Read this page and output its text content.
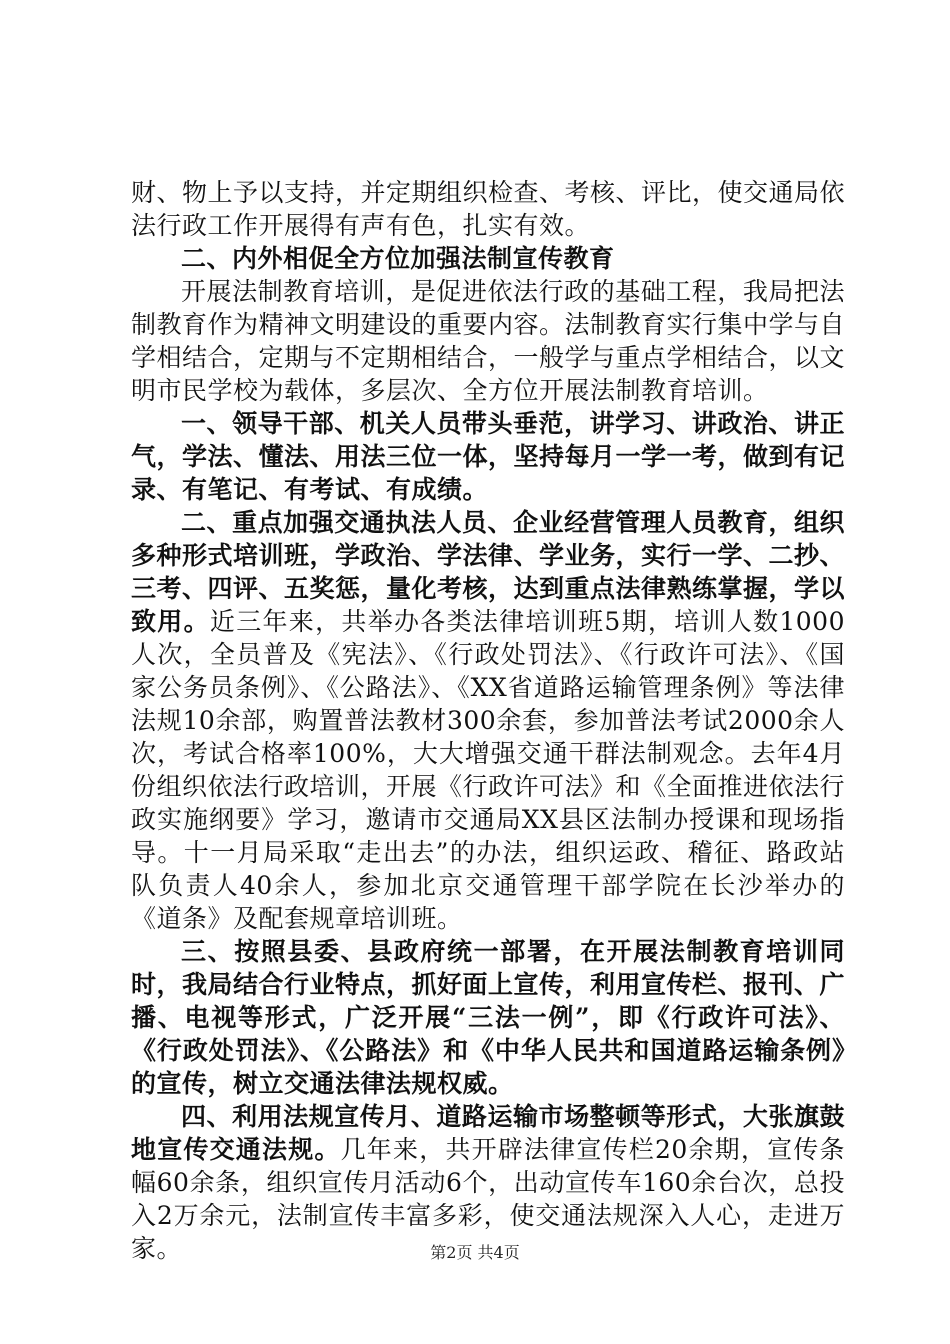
财、物上予以支持，并定期组织检查、考核、评比，使交通局依法行政工作开展得有声有色，扎实有效。

二、内外相促全方位加强法制宣传教育

开展法制教育培训，是促进依法行政的基础工程，我局把法制教育作为精神文明建设的重要内容。法制教育实行集中学与自学相结合，定期与不定期相结合，一般学与重点学相结合，以文明市民学校为载体，多层次、全方位开展法制教育培训。

一、领导干部、机关人员带头垂范，讲学习、讲政治、讲正气，学法、懂法、用法三位一体，坚持每月一学一考，做到有记录、有笔记、有考试、有成绩。

二、重点加强交通执法人员、企业经营管理人员教育，组织多种形式培训班，学政治、学法律、学业务，实行一学、二抄、三考、四评、五奖惩，量化考核，达到重点法律熟练掌握，学以致用。近三年来，共举办各类法律培训班5期，培训人数1000人次，全员普及《宪法》、《行政处罚法》、《行政许可法》、《国家公务员条例》、《公路法》、《XX省道路运输管理条例》等法律法规10余部，购置普法教材300余套，参加普法考试2000余人次，考试合格率100%，大大增强交通干群法制观念。去年4月份组织依法行政培训，开展《行政许可法》和《全面推进依法行政实施纲要》学习，邀请市交通局XX县区法制办授课和现场指导。十一月局采取“走出去”的办法，组织运政、稽征、路政站队负责人40余人，参加北京交通管理干部学院在长沙举办的《道条》及配套规章培训班。

三、按照县委、县政府统一部署，在开展法制教育培训同时，我局结合行业特点，抓好面上宣传，利用宣传栏、报刊、广播、电视等形式，广泛开展“三法一例”，即《行政许可法》、《行政处罚法》、《公路法》和《中华人民共和国道路运输条例》的宣传，树立交通法律法规权威。

四、利用法规宣传月、道路运输市场整顿等形式，大张旗鼓地宣传交通法规。几年来，共开辟法律宣传栏20余期，宣传条幅60余条，组织宣传月活动6个，出动宣传车160余台次，总投入2万余元，法制宣传丰富多彩，使交通法规深入人心，走进万家。	第2页 共4页
